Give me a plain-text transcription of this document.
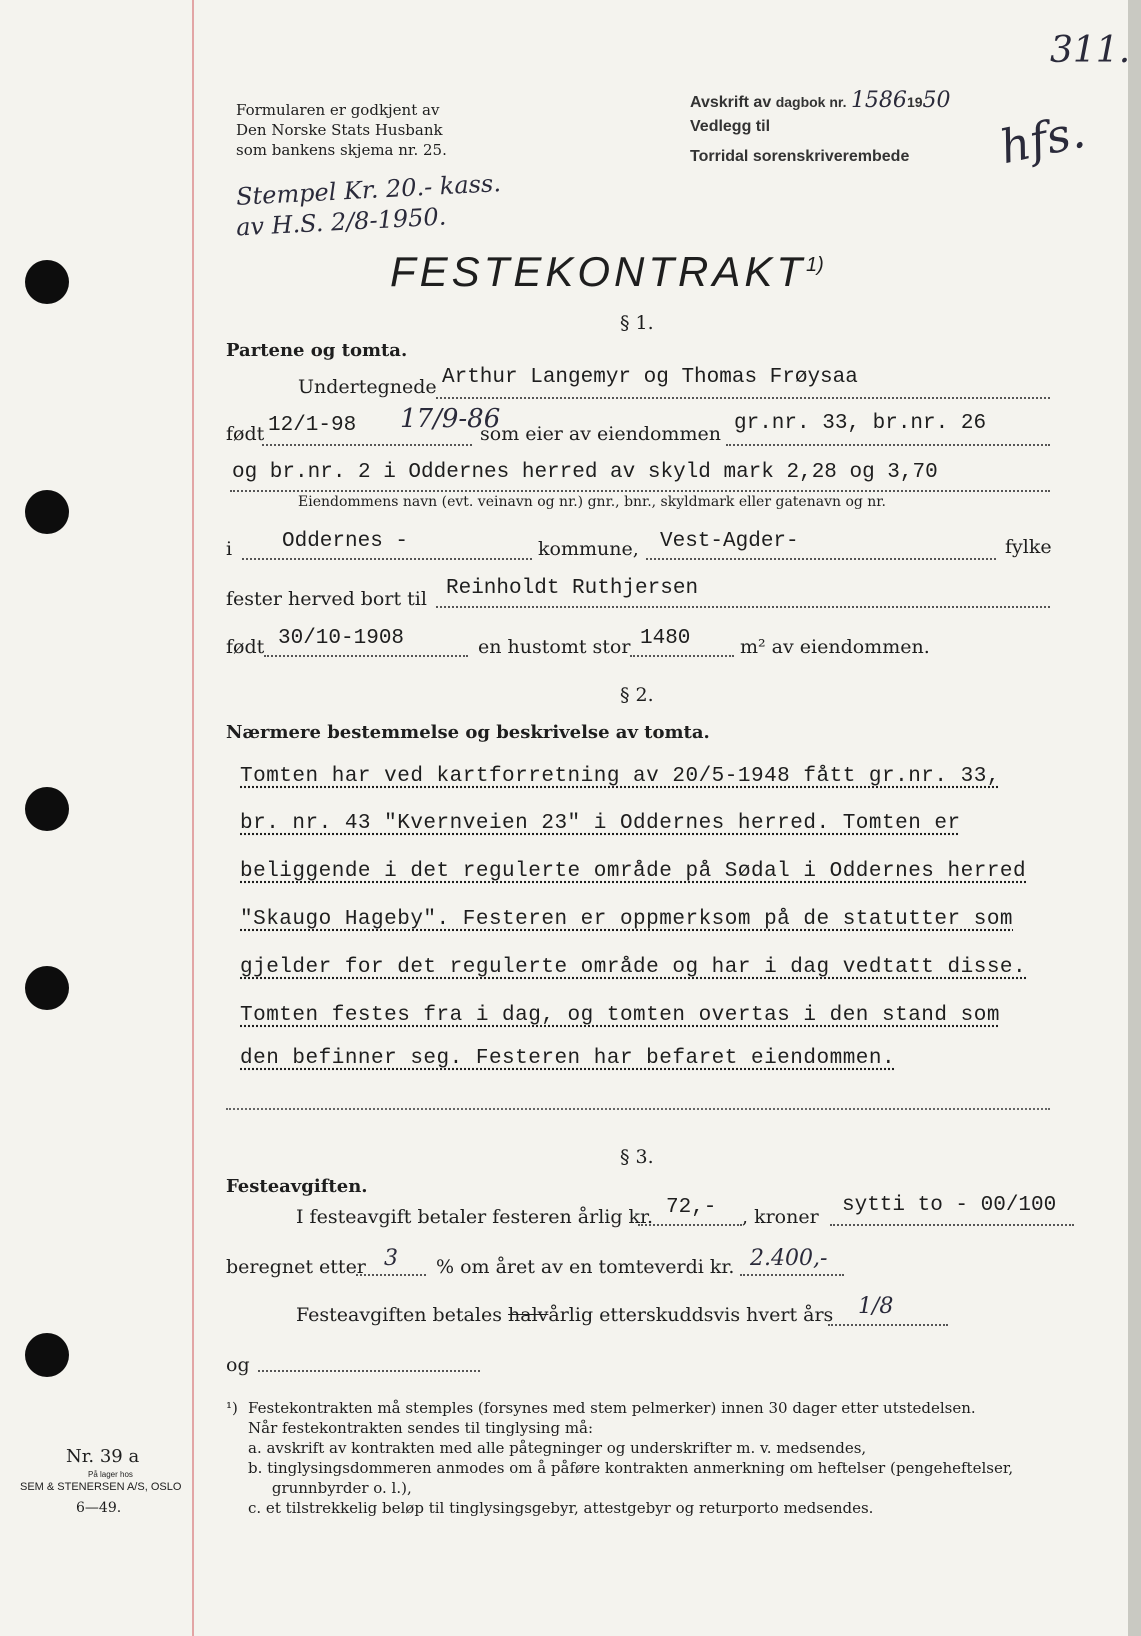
311.
Formularen er godkjent av
Den Norske Stats Husbank
som bankens skjema nr. 25.
Avskrift av dagbok nr. 15861950
Vedlegg til
Torridal sorenskriverembede hfs.
Stempel Kr. 20.- kass.
av H.S. 2/8-1950.
FESTEKONTRAKT$^{1)}$
§ 1.
Partene og tomta.
Undertegnede Arthur Langemyr og Thomas Frøysaa
født 12/1-98 17/9-86
som eier av eiendommen gr.nr. 33, br.nr. 26
og br.nr. 2 i Oddernes herred av skyld mark 2,28 og 3,70
Eiendommens navn (evt. veinavn og nr.) gnr., bnr., skyldmark eller gatenavn og nr.
i Oddernes -	kommune, Vest-Agder-	fylke
fester herved bort til Reinholdt Ruthjersen
født 30/10-1908	en hustomt stor 1480	m² av eiendommen.
§ 2.
Nærmere bestemmelse og beskrivelse av tomta.
Tomten har ved kartforretning av 20/5-1948 fått gr.nr. 33,
br. nr. 43 "Kvernveien 23" i Oddernes herred. Tomten er
beliggende i det regulerte område på Sødal i Oddernes herred
"Skaugo Hageby". Festeren er oppmerksom på de statutter som
gjelder for det regulerte område og har i dag vedtatt disse.
Tomten festes fra i dag, og tomten overtas i den stand som
den befinner seg. Festeren har befaret eiendommen.
§ 3.
Festeavgiften.
I festeavgift betaler festeren årlig kr. 72,- , kroner sytti to - 00/100
beregnet etter 3 % om året av en tomteverdi kr. 2.400,-
Festeavgiften betales halvårlig etterskuddsvis hvert års 1/8
og
¹) Festekontrakten må stemples (forsynes med stem pelmerker) innen 30 dager etter utstedelsen.
Når festekontrakten sendes til tinglysing må:
a. avskrift av kontrakten med alle påtegninger og underskrifter m. v. medsendes,
b. tinglysingsdommeren anmodes om å påføre kontrakten anmerkning om heftelser (pengeheftelser,
grunnbyrder o. l.),
c. et tilstrekkelig beløp til tinglysingsgebyr, attestgebyr og returporto medsendes.
Nr. 39 a
På lager hos
SEM & STENERSEN A/S, OSLO
6—49.
